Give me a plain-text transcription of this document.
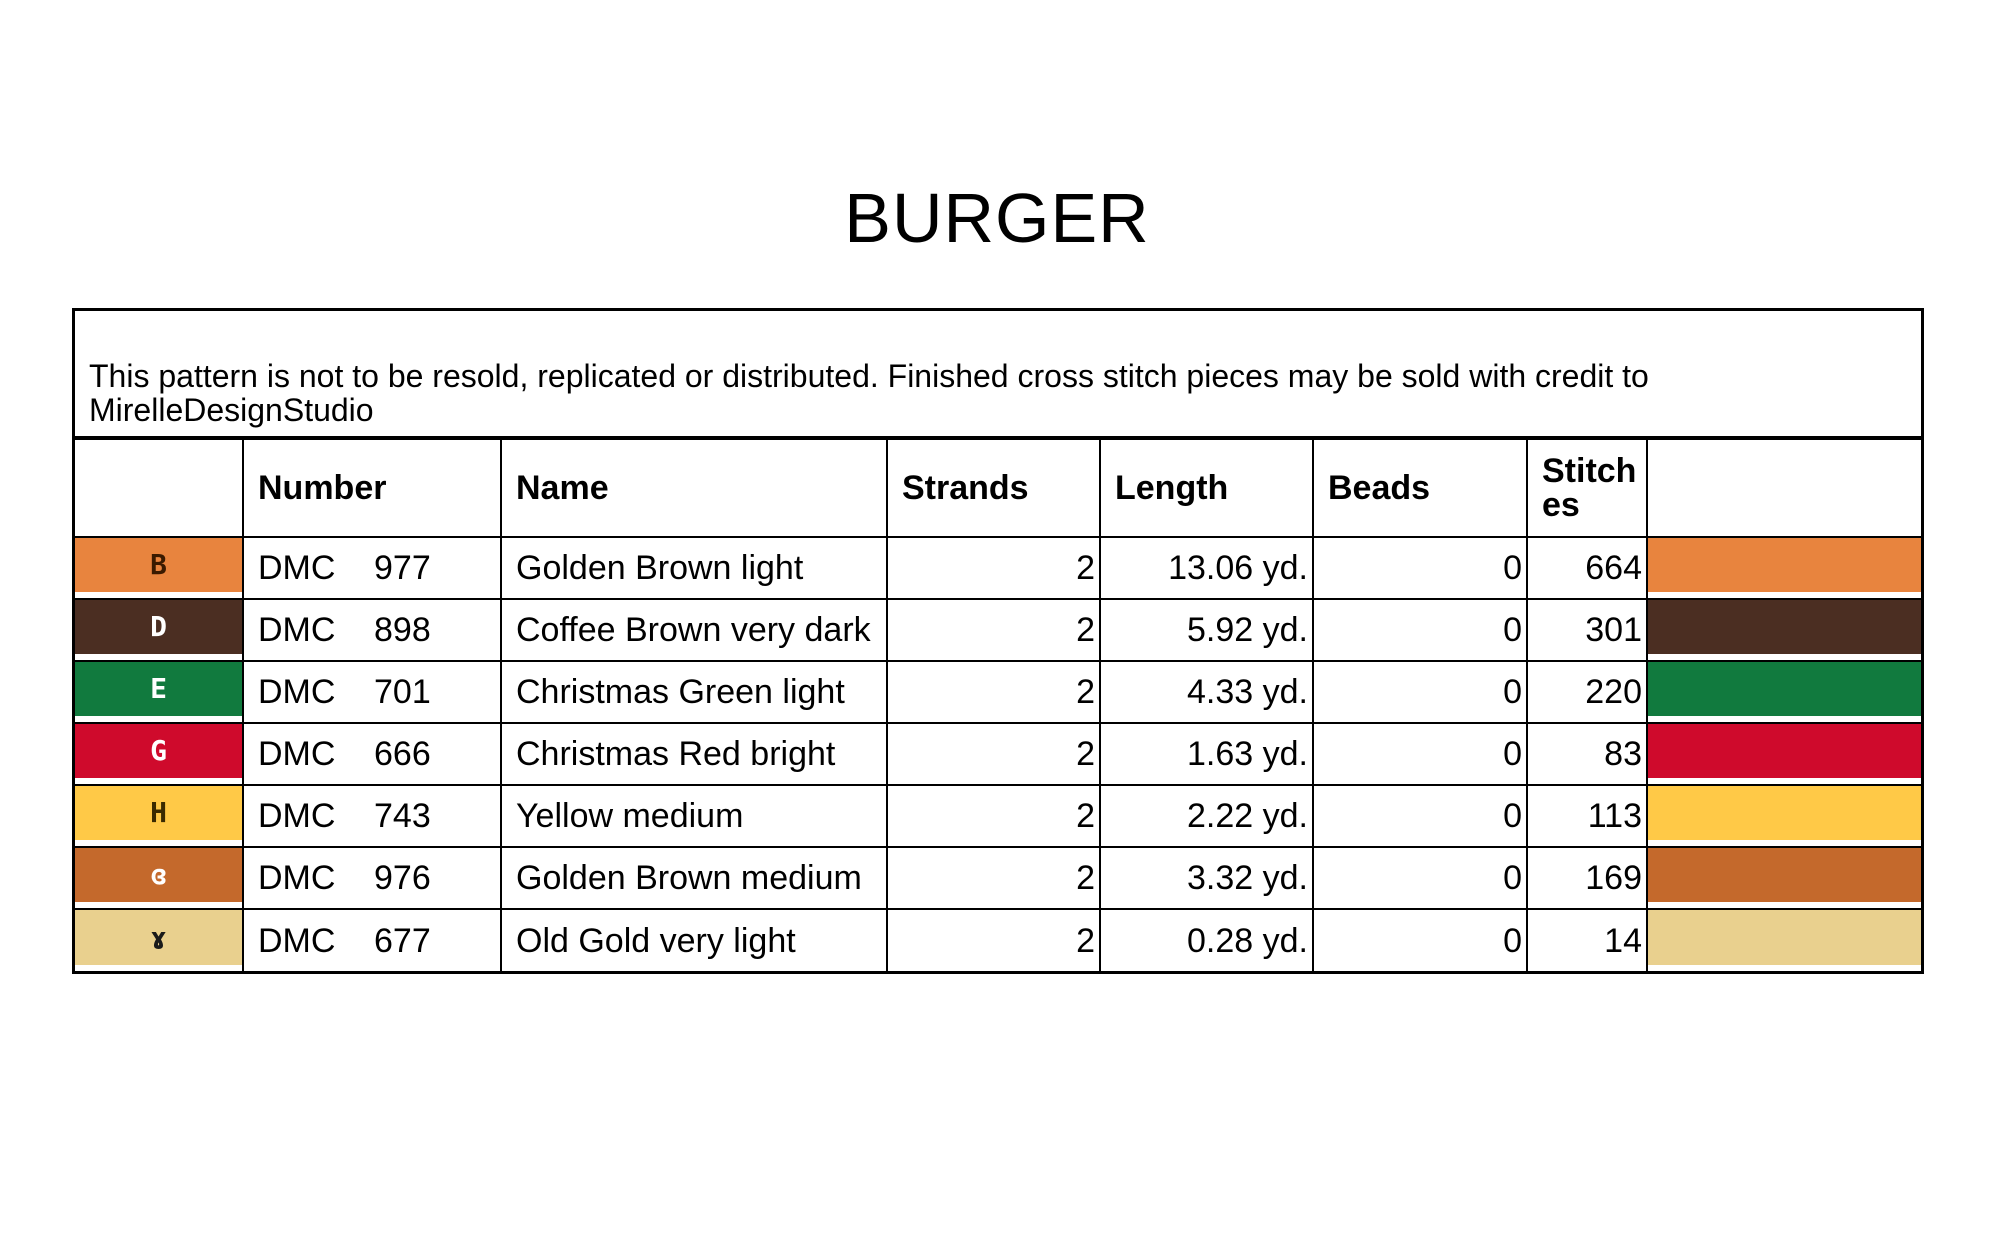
BURGER
This pattern is not to be resold, replicated or distributed. Finished cross stitch pieces may be sold with credit to MirelleDesignStudio
	Number	Name	Strands	Length	Beads	Stitches	

B	DMC 977	Golden Brown light	2	13.06 yd.	0	664	

D	DMC 898	Coffee Brown very dark	2	5.92 yd.	0	301	

E	DMC 701	Christmas Green light	2	4.33 yd.	0	220	

G	DMC 666	Christmas Red bright	2	1.63 yd.	0	83	

H	DMC 743	Yellow medium	2	2.22 yd.	0	113	

ɞ	DMC 976	Golden Brown medium	2	3.32 yd.	0	169	

ɤ	DMC 677	Old Gold very light	2	0.28 yd.	0	14	
